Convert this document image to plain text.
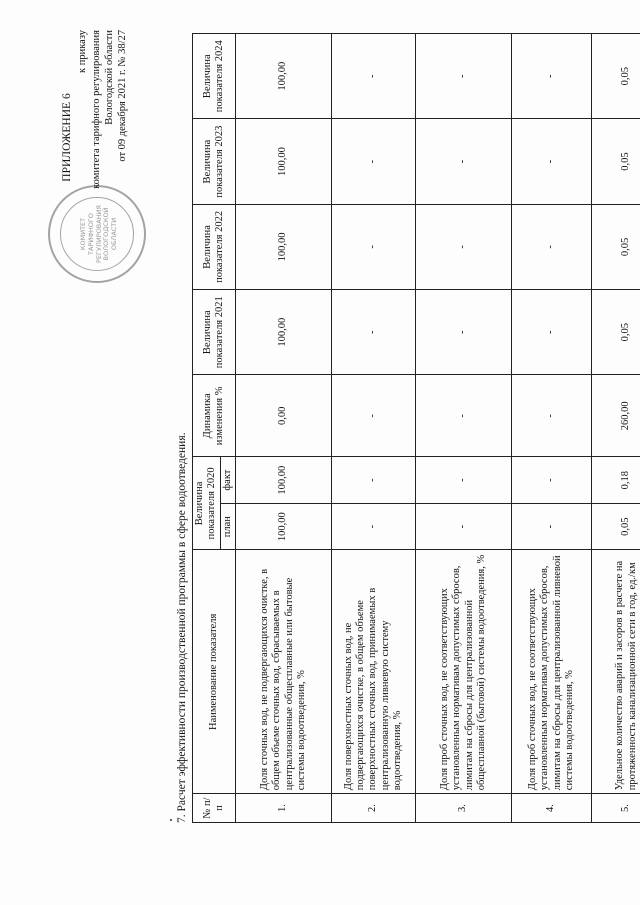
КОМИТЕТ ТАРИФНОГО РЕГУЛИРОВАНИЯ ВОЛОГОДСКОЙ ОБЛАСТИ
ПРИЛОЖЕНИЕ 6
к приказу комитета тарифного регулирования Вологодской области от 09 декабря 2021 г. № 38/27
7. Расчет эффективности производственной программы в сфере водоотведения. № п/п	Наименование показателя	Величина показателя 2020		Динамика изменения %	Величина показателя 2021	Величина показателя 2022	Величина показателя 2023	Величина показателя 2024
		план	факт					
1.	Доля сточных вод, не подвергающихся очистке, в общем объеме сточных вод, сбрасываемых в централизованные общесплавные или бытовые системы водоотведения, %	100,00	100,00	0,00	100,00	100,00	100,00	100,00
2.	Доля поверхностных сточных вод, не подвергающихся очистке, в общем объеме поверхностных сточных вод, принимаемых в централизованную ливневую систему водоотведения, %	-	-	-	-	-	-	-
3.	Доля проб сточных вод, не соответствующих установленным нормативам допустимых сбросов, лимитам на сбросы для централизованной общесплавной (бытовой) системы водоотведения, %	-	-	-	-	-	-	-
4.	Доля проб сточных вод, не соответствующих установленным нормативам допустимых сбросов, лимитам на сбросы для централизованной ливневой системы водоотведения, %	-	-	-	-	-	-	-
5.	Удельное количество аварий и засоров в расчете на протяженность канализационной сети в год, ед./км	0,05	0,18	260,00	0,05	0,05	0,05	0,05
